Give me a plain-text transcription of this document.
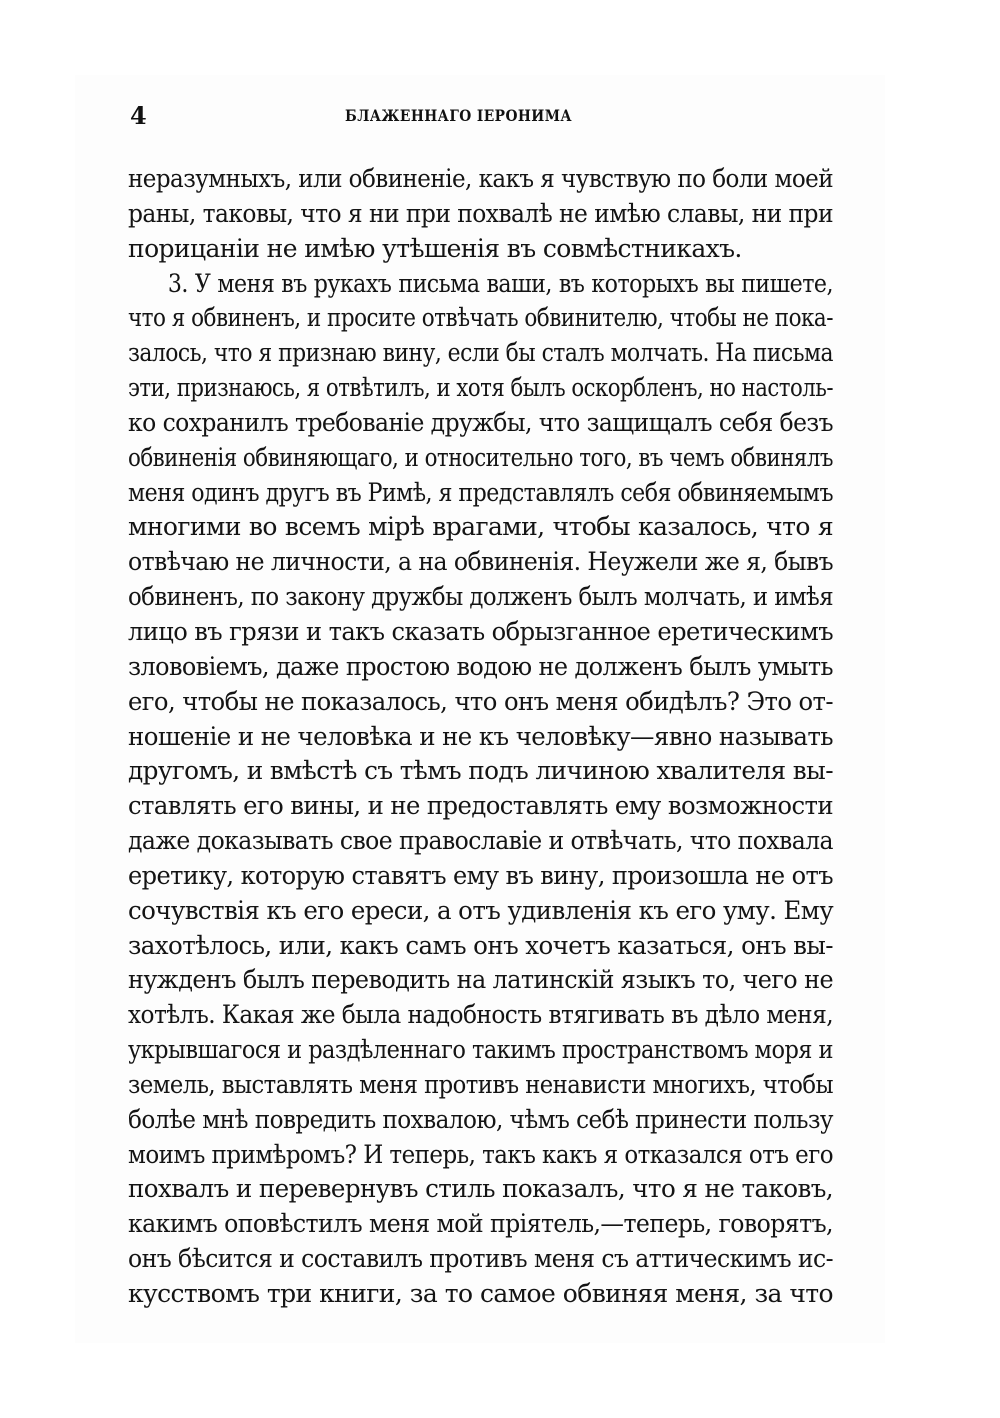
4	БЛАЖЕННАГО ІЕРОНИМА
неразумныхъ, или обвиненіе, какъ я чувствую по боли моей
раны, таковы, что я ни при похвалѣ не имѣю славы, ни при
порицаніи не имѣю утѣшенія въ совмѣстникахъ.
3. У меня въ рукахъ письма ваши, въ которыхъ вы пишете,
что я обвиненъ, и просите отвѣчать обвинителю, чтобы не пока-
залось, что я признаю вину, если бы сталъ молчать. На письма
эти, признаюсь, я отвѣтилъ, и хотя былъ оскорбленъ, но настоль-
ко сохранилъ требованіе дружбы, что защищалъ себя безъ
обвиненія обвиняющаго, и относительно того, въ чемъ обвинялъ
меня одинъ другъ въ Римѣ, я представлялъ себя обвиняемымъ
многими во всемъ мірѣ врагами, чтобы казалось, что я
отвѣчаю не личности, а на обвиненія. Неужели же я, бывъ
обвиненъ, по закону дружбы долженъ былъ молчать, и имѣя
лицо въ грязи и такъ сказать обрызганное еретическимъ
злововіемъ, даже простою водою не долженъ былъ умыть
его, чтобы не показалось, что онъ меня обидѣлъ? Это от-
ношеніе и не человѣка и не къ человѣку—явно называть
другомъ, и вмѣстѣ съ тѣмъ подъ личиною хвалителя вы-
ставлять его вины, и не предоставлять ему возможности
даже доказывать свое православіе и отвѣчать, что похвала
еретику, которую ставятъ ему въ вину, произошла не отъ
сочувствія къ его ереси, а отъ удивленія къ его уму. Ему
захотѣлось, или, какъ самъ онъ хочетъ казаться, онъ вы-
нужденъ былъ переводить на латинскій языкъ то, чего не
хотѣлъ. Какая же была надобность втягивать въ дѣло меня,
укрывшагося и раздѣленнаго такимъ пространствомъ моря и
земель, выставлять меня противъ ненависти многихъ, чтобы
болѣе мнѣ повредить похвалою, чѣмъ себѣ принести пользу
моимъ примѣромъ? И теперь, такъ какъ я отказался отъ его
похвалъ и перевернувъ стиль показалъ, что я не таковъ,
какимъ оповѣстилъ меня мой пріятель,—теперь, говорятъ,
онъ бѣсится и составилъ противъ меня съ аттическимъ ис-
кусствомъ три книги, за то самое обвиняя меня, за что
